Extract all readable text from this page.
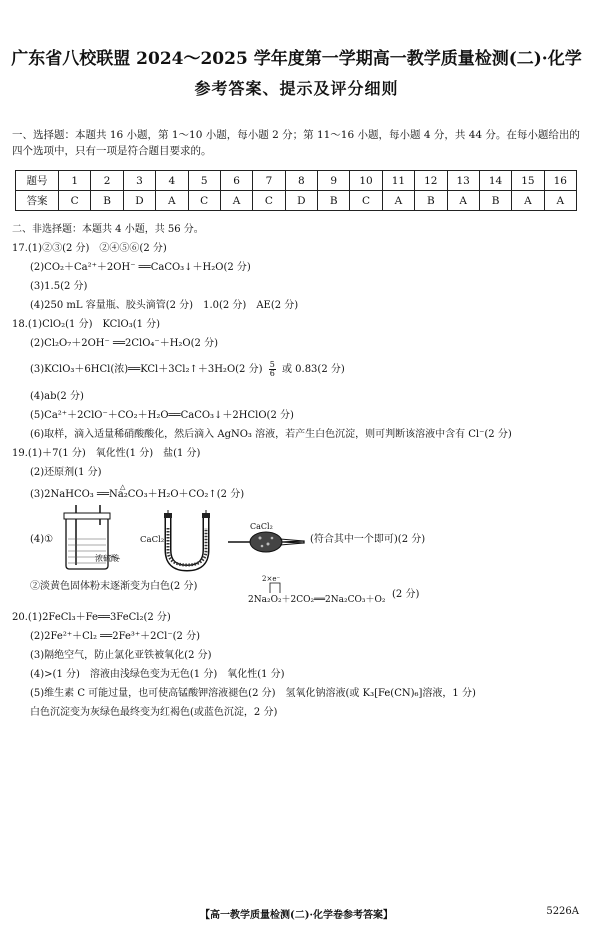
广东省八校联盟 2024～2025 学年度第一学期高一教学质量检测(二)·化学
参考答案、提示及评分细则
一、选择题：本题共 16 小题，第 1～10 小题，每小题 2 分；第 11～16 小题，每小题 4 分，共 44 分。在每小题给出的四个选项中，只有一项是符合题目要求的。
题号	1	2	3	4	5	6	7	8	9	10	11	12	13	14	15	16
答案	C	B	D	A	C	A	C	D	B	C	A	B	A	B	A	A
二、非选择题：本题共 4 小题，共 56 分。
17.(1)②③(2 分)　②④⑤⑥(2 分)
(2)CO₂＋Ca²⁺＋2OH⁻ ══CaCO₃↓＋H₂O(2 分)
(3)1.5(2 分)
(4)250 mL 容量瓶、胶头滴管(2 分)　1.0(2 分)　AE(2 分)
18.(1)ClO₂(1 分)　KClO₃(1 分)
(2)Cl₂O₇＋2OH⁻ ══2ClO₄⁻＋H₂O(2 分)
(3)KClO₃＋6HCl(浓)══KCl＋3Cl₂↑＋3H₂O(2 分) $\frac{5}{6}$ 或 0.83(2 分)
(4)ab(2 分)
(5)Ca²⁺＋2ClO⁻＋CO₂＋H₂O══CaCO₃↓＋2HClO(2 分)
(6)取样，滴入适量稀硝酸酸化，然后滴入 AgNO₃ 溶液，若产生白色沉淀，则可判断该溶液中含有 Cl⁻(2 分)
19.(1)＋7(1 分)　氧化性(1 分)　盐(1 分)
(2)还原剂(1 分)
(3)2NaHCO₃ ══Na₂CO₃＋H₂O＋CO₂↑(2 分)
△
(4)①
浓硫酸
CaCl₂
CaCl₂
(符合其中一个即可)(2 分)
②淡黄色固体粉末逐渐变为白色(2 分)
2×e⁻
2Na₂O₂＋2CO₂══2Na₂CO₃＋O₂ (2 分)
20.(1)2FeCl₃＋Fe══3FeCl₂(2 分)
(2)2Fe²⁺＋Cl₂ ══2Fe³⁺＋2Cl⁻(2 分)
(3)隔绝空气，防止氯化亚铁被氧化(2 分)
(4)>(1 分)　溶液由浅绿色变为无色(1 分)　氧化性(1 分)
(5)维生素 C 可能过量，也可使高锰酸钾溶液褪色(2 分)　氢氧化钠溶液(或 K₃[Fe(CN)₆]溶液，1 分)
白色沉淀变为灰绿色最终变为红褐色(或蓝色沉淀，2 分)
【高一教学质量检测(二)·化学卷参考答案】	5226A
